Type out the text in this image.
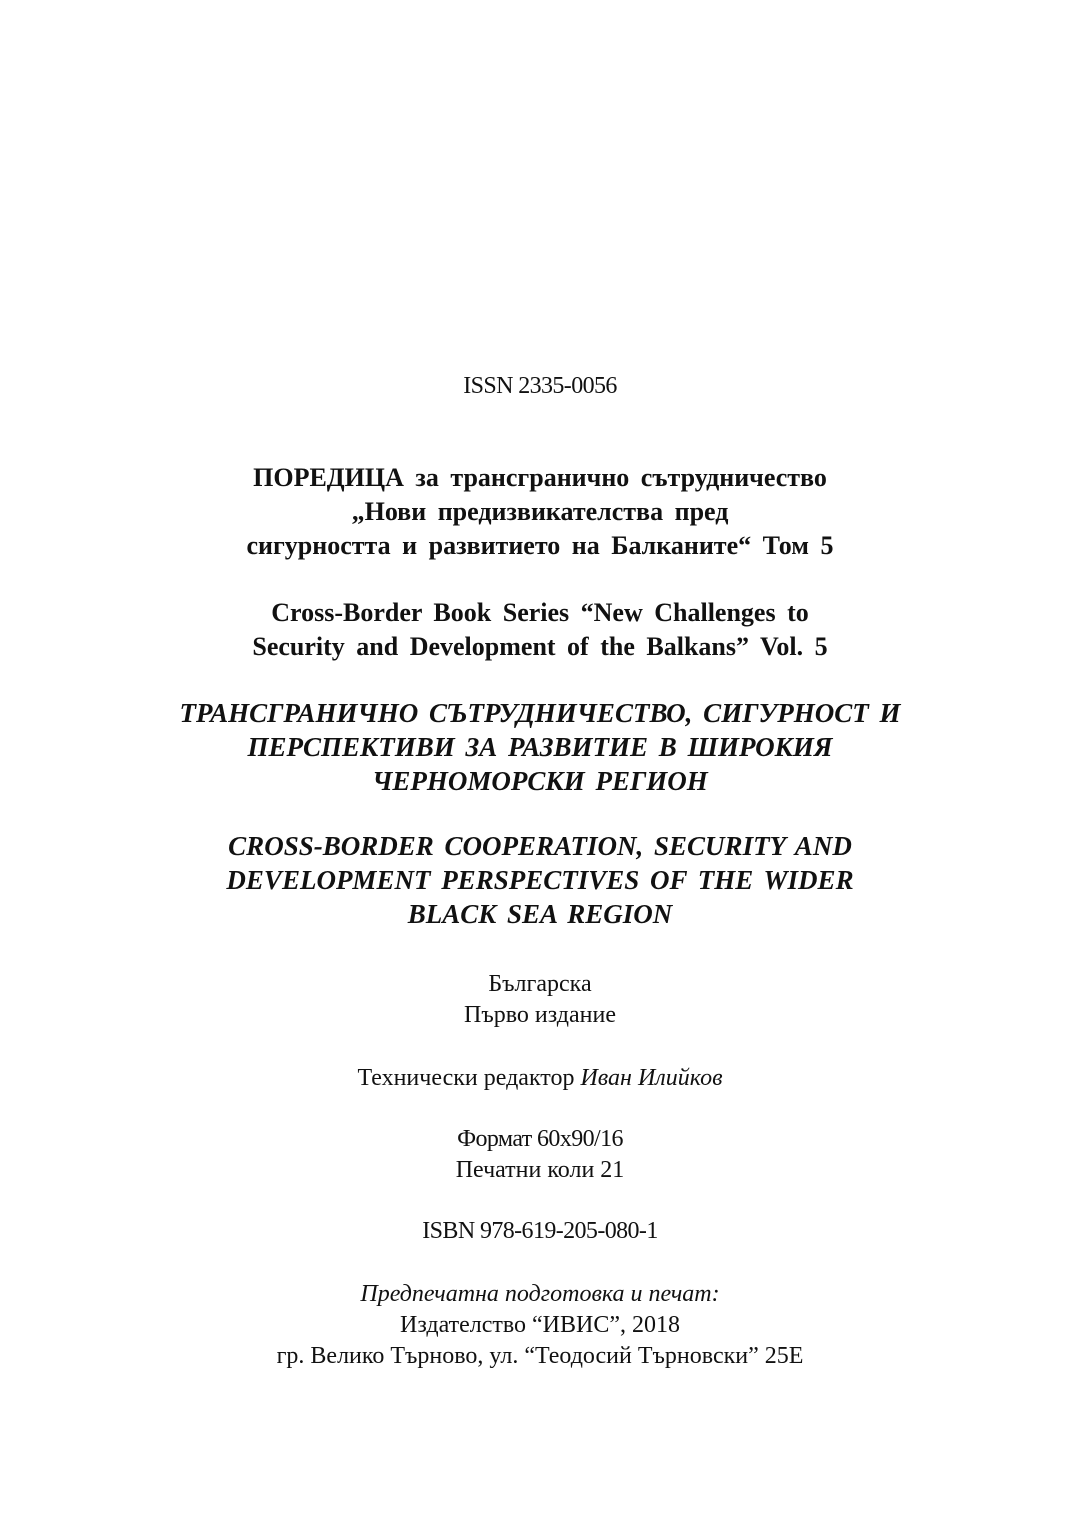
ISSN 2335-0056
ПОРЕДИЦА за трансгранично сътрудничество
„Нови предизвикателства пред
сигурността и развитието на Балканите“ Том 5
Cross-Border Book Series “New Challenges to
Security and Development of the Balkans” Vol. 5
ТРАНСГРАНИЧНО СЪТРУДНИЧЕСТВО, СИГУРНОСТ И
ПЕРСПЕКТИВИ ЗА РАЗВИТИЕ В ШИРОКИЯ
ЧЕРНОМОРСКИ РЕГИОН
CROSS-BORDER COOPERATION, SECURITY AND
DEVELOPMENT PERSPECTIVES OF THE WIDER
BLACK SEA REGION
Българска
Първо издание
Технически редактор Иван Илийков
Формат 60x90/16
Печатни коли 21
ISBN 978-619-205-080-1
Предпечатна подготовка и печат:
Издателство “ИВИС”, 2018
гр. Велико Търново, ул. “Теодосий Търновски” 25Е
